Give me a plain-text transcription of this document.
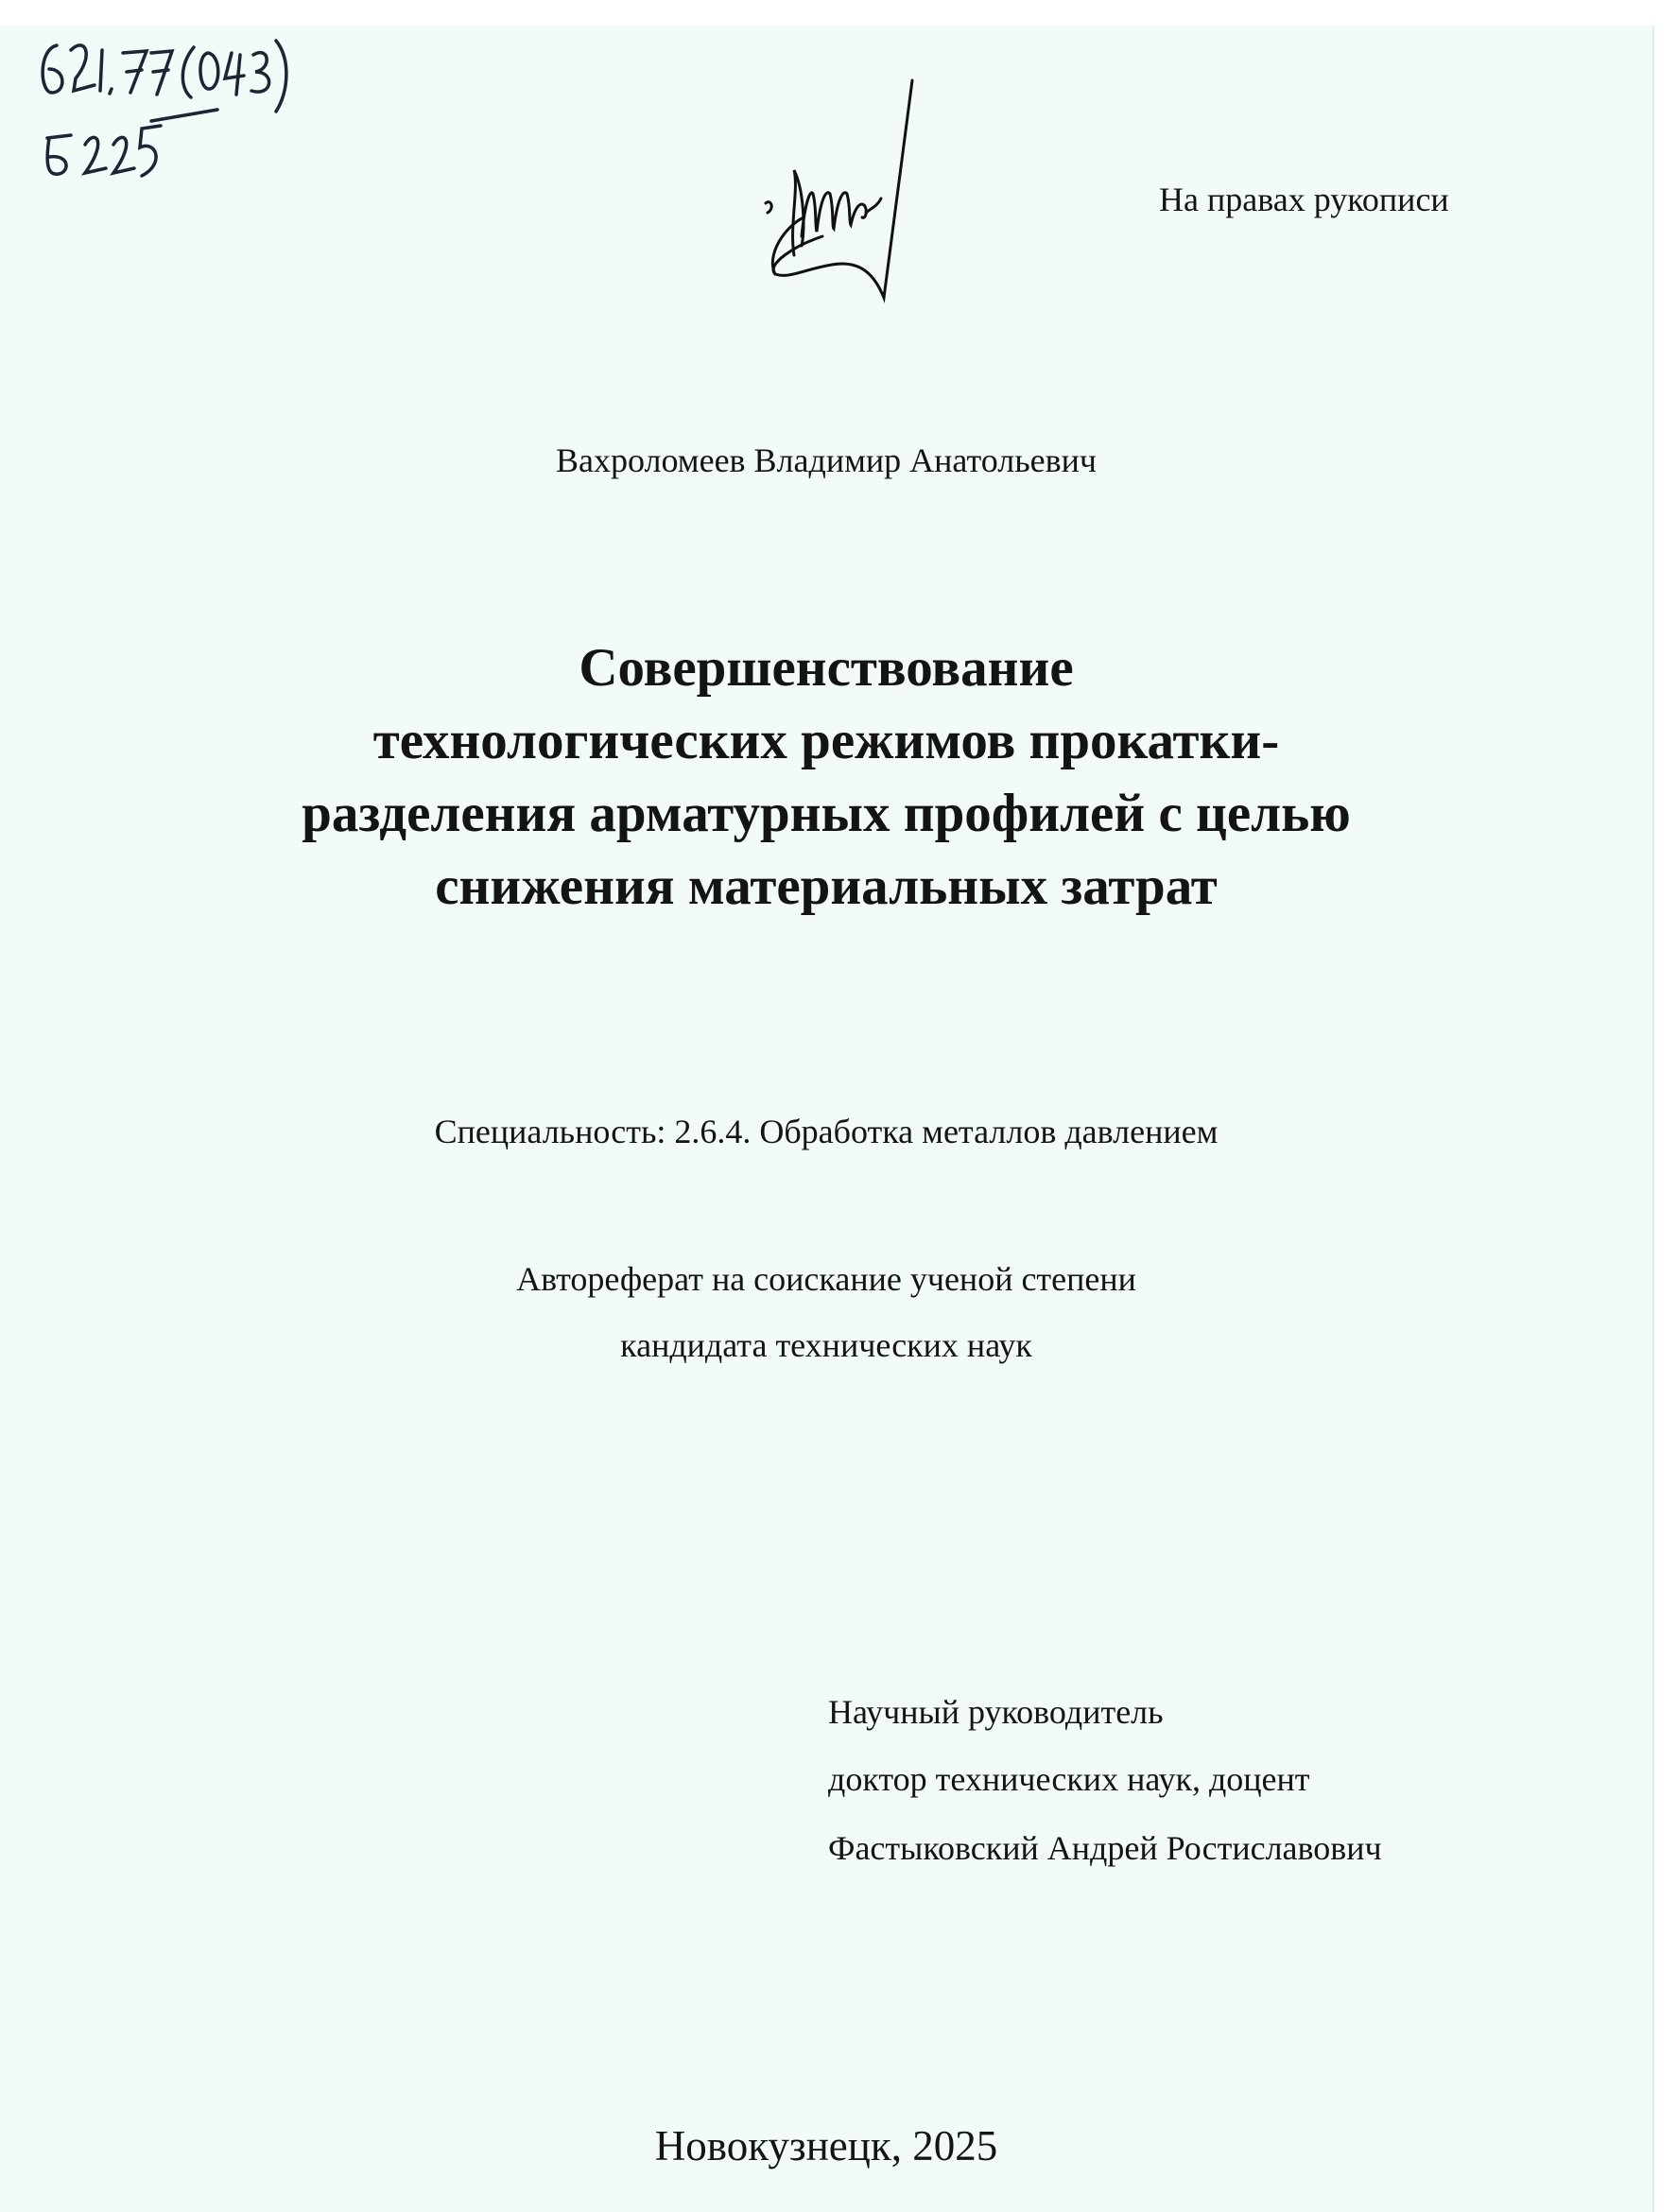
На правах рукописи
Вахроломеев Владимир Анатольевич
Совершенствование
технологических режимов прокатки-
разделения арматурных профилей с целью
снижения материальных затрат
Специальность: 2.6.4. Обработка металлов давлением
Автореферат на соискание ученой степени
кандидата технических наук
Научный руководитель
доктор технических наук, доцент
Фастыковский Андрей Ростиславович
Новокузнецк, 2025
